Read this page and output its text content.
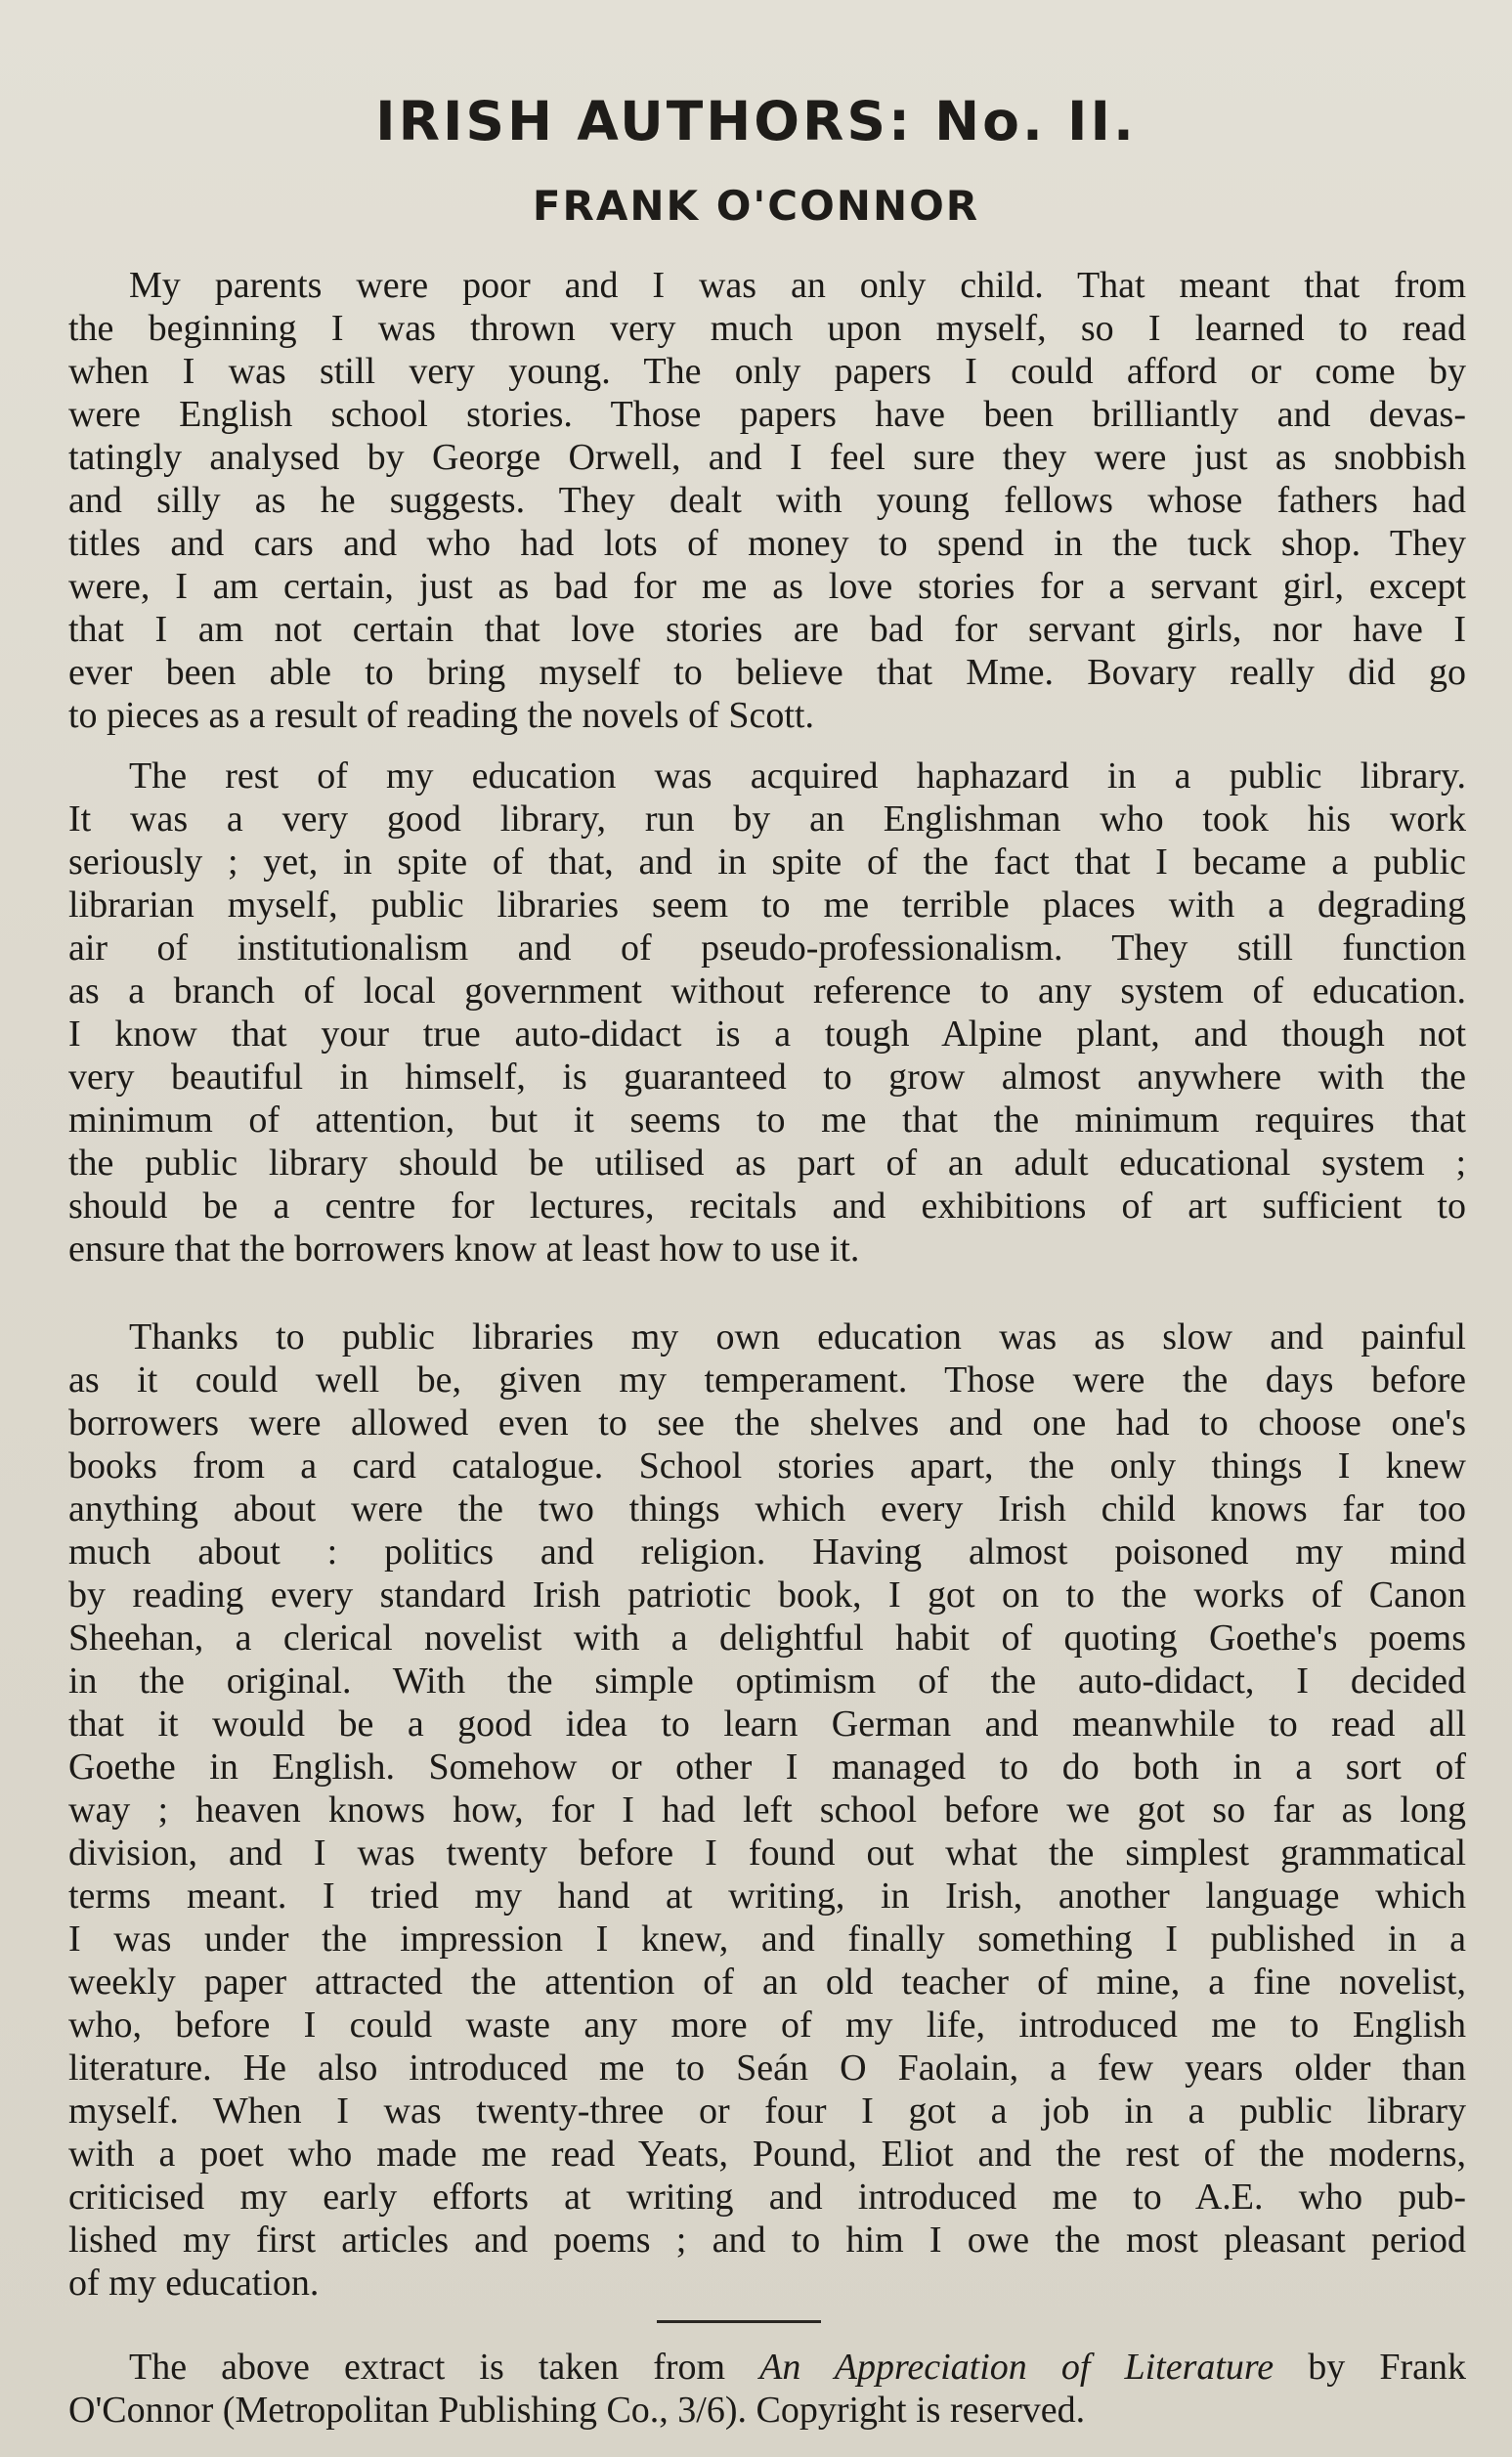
IRISH AUTHORS: No. II.
FRANK O'CONNOR
My parents were poor and I was an only child. That meant that from
the beginning I was thrown very much upon myself, so I learned to read
when I was still very young. The only papers I could afford or come by
were English school stories. Those papers have been brilliantly and devas-
tatingly analysed by George Orwell, and I feel sure they were just as snobbish
and silly as he suggests. They dealt with young fellows whose fathers had
titles and cars and who had lots of money to spend in the tuck shop. They
were, I am certain, just as bad for me as love stories for a servant girl, except
that I am not certain that love stories are bad for servant girls, nor have I
ever been able to bring myself to believe that Mme. Bovary really did go
to pieces as a result of reading the novels of Scott.
The rest of my education was acquired haphazard in a public library.
It was a very good library, run by an Englishman who took his work
seriously ; yet, in spite of that, and in spite of the fact that I became a public
librarian myself, public libraries seem to me terrible places with a degrading
air of institutionalism and of pseudo-professionalism. They still function
as a branch of local government without reference to any system of education.
I know that your true auto-didact is a tough Alpine plant, and though not
very beautiful in himself, is guaranteed to grow almost anywhere with the
minimum of attention, but it seems to me that the minimum requires that
the public library should be utilised as part of an adult educational system ;
should be a centre for lectures, recitals and exhibitions of art sufficient to
ensure that the borrowers know at least how to use it.
Thanks to public libraries my own education was as slow and painful
as it could well be, given my temperament. Those were the days before
borrowers were allowed even to see the shelves and one had to choose one's
books from a card catalogue. School stories apart, the only things I knew
anything about were the two things which every Irish child knows far too
much about : politics and religion. Having almost poisoned my mind
by reading every standard Irish patriotic book, I got on to the works of Canon
Sheehan, a clerical novelist with a delightful habit of quoting Goethe's poems
in the original. With the simple optimism of the auto-didact, I decided
that it would be a good idea to learn German and meanwhile to read all
Goethe in English. Somehow or other I managed to do both in a sort of
way ; heaven knows how, for I had left school before we got so far as long
division, and I was twenty before I found out what the simplest grammatical
terms meant. I tried my hand at writing, in Irish, another language which
I was under the impression I knew, and finally something I published in a
weekly paper attracted the attention of an old teacher of mine, a fine novelist,
who, before I could waste any more of my life, introduced me to English
literature. He also introduced me to Seán O Faolain, a few years older than
myself. When I was twenty-three or four I got a job in a public library
with a poet who made me read Yeats, Pound, Eliot and the rest of the moderns,
criticised my early efforts at writing and introduced me to A.E. who pub-
lished my first articles and poems ; and to him I owe the most pleasant period
of my education.
The above extract is taken from An Appreciation of Literature by Frank
O'Connor (Metropolitan Publishing Co., 3/6). Copyright is reserved.
